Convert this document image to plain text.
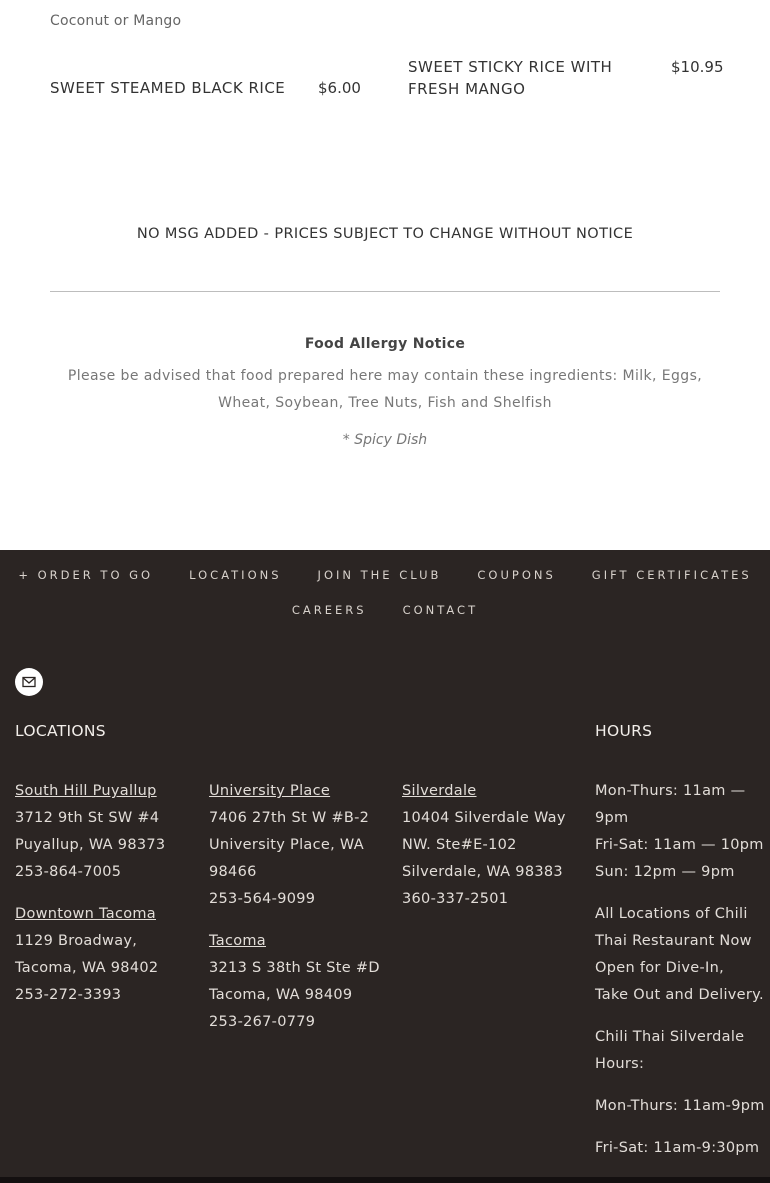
Coconut or Mango
SWEET STEAMED BLACK RICE $6.00
SWEET STICKY RICE WITH
FRESH MANGO
$10.95
NO MSG ADDED - PRICES SUBJECT TO CHANGE WITHOUT NOTICE
Food Allergy Notice
Please be advised that food prepared here may contain these ingredients: Milk, Eggs, Wheat, Soybean, Tree Nuts, Fish and Shelfish
* Spicy Dish
+ ORDER TO GO	LOCATIONS	JOIN THE CLUB	COUPONS	GIFT CERTIFICATES
CAREERS	CONTACT
LOCATIONS	HOURS
South Hill Puyallup
3712 9th St SW #4
Puyallup, WA 98373
253-864-7005
Downtown Tacoma
1129 Broadway,
Tacoma, WA 98402
253-272-3393
University Place
7406 27th St W #B-2
University Place, WA
98466
253-564-9099
Tacoma
3213 S 38th St Ste #D
Tacoma, WA 98409
253-267-0779
Silverdale
10404 Silverdale Way
NW. Ste#E-102
Silverdale, WA 98383
360-337-2501
Mon-Thurs: 11am —
9pm
Fri-Sat: 11am — 10pm
Sun: 12pm — 9pm
All Locations of Chili
Thai Restaurant Now
Open for Dive-In,
Take Out and Delivery.
Chili Thai Silverdale
Hours:
Mon-Thurs: 11am-9pm
Fri-Sat: 11am-9:30pm
